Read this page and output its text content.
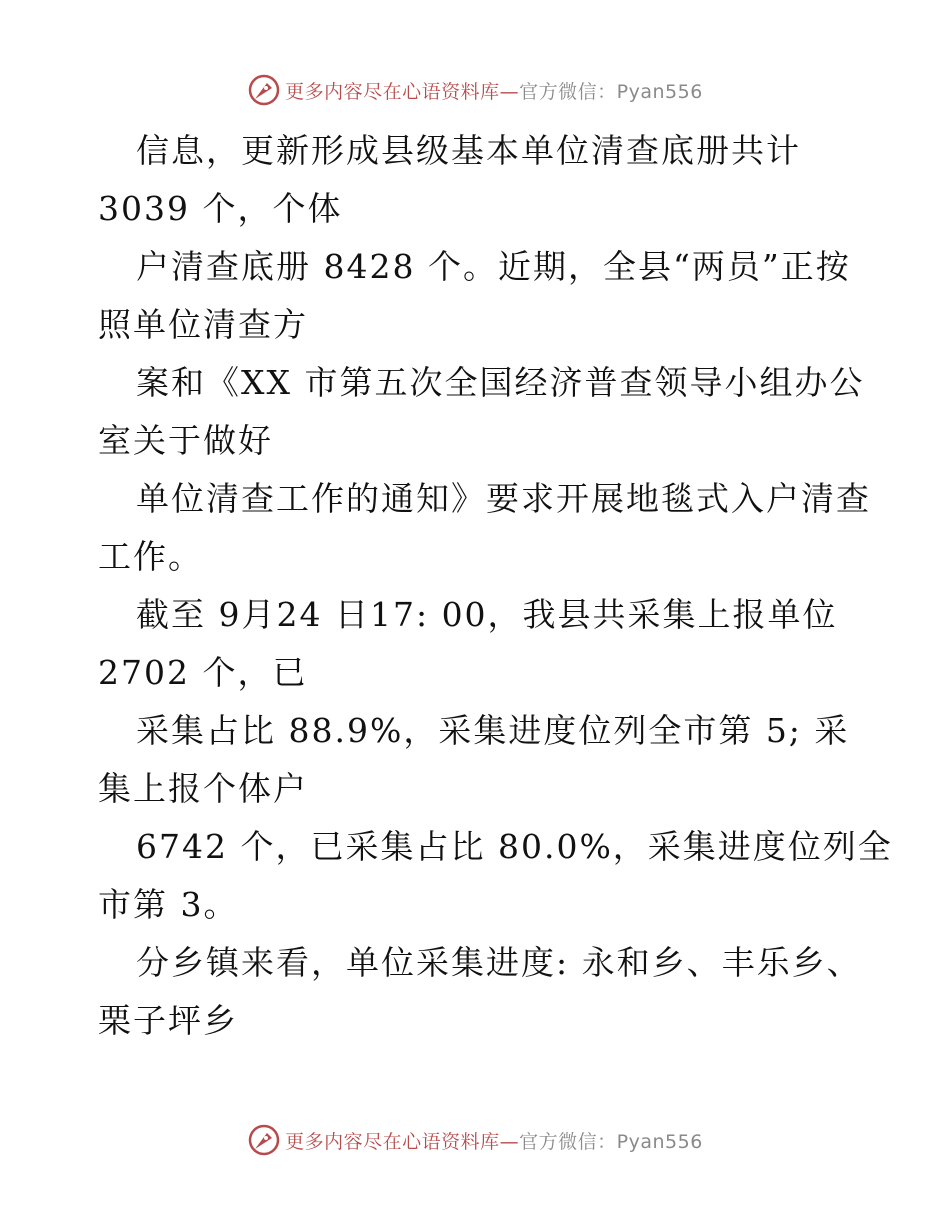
更多内容尽在心语资料库—官方微信：Pyan556
信息，更新形成县级基本单位清查底册共计
3039 个，个体
户清查底册 8428 个。近期，全县“两员”正按
照单位清查方
案和《XX 市第五次全国经济普查领导小组办公
室关于做好
单位清查工作的通知》要求开展地毯式入户清查
工作。
截至 9月24 日17: 00，我县共采集上报单位
2702 个，已
采集占比 88.9%，采集进度位列全市第 5; 采
集上报个体户
6742 个，已采集占比 80.0%，采集进度位列全
市第 3。
分乡镇来看，单位采集进度: 永和乡、丰乐乡、
栗子坪乡
更多内容尽在心语资料库—官方微信：Pyan556
